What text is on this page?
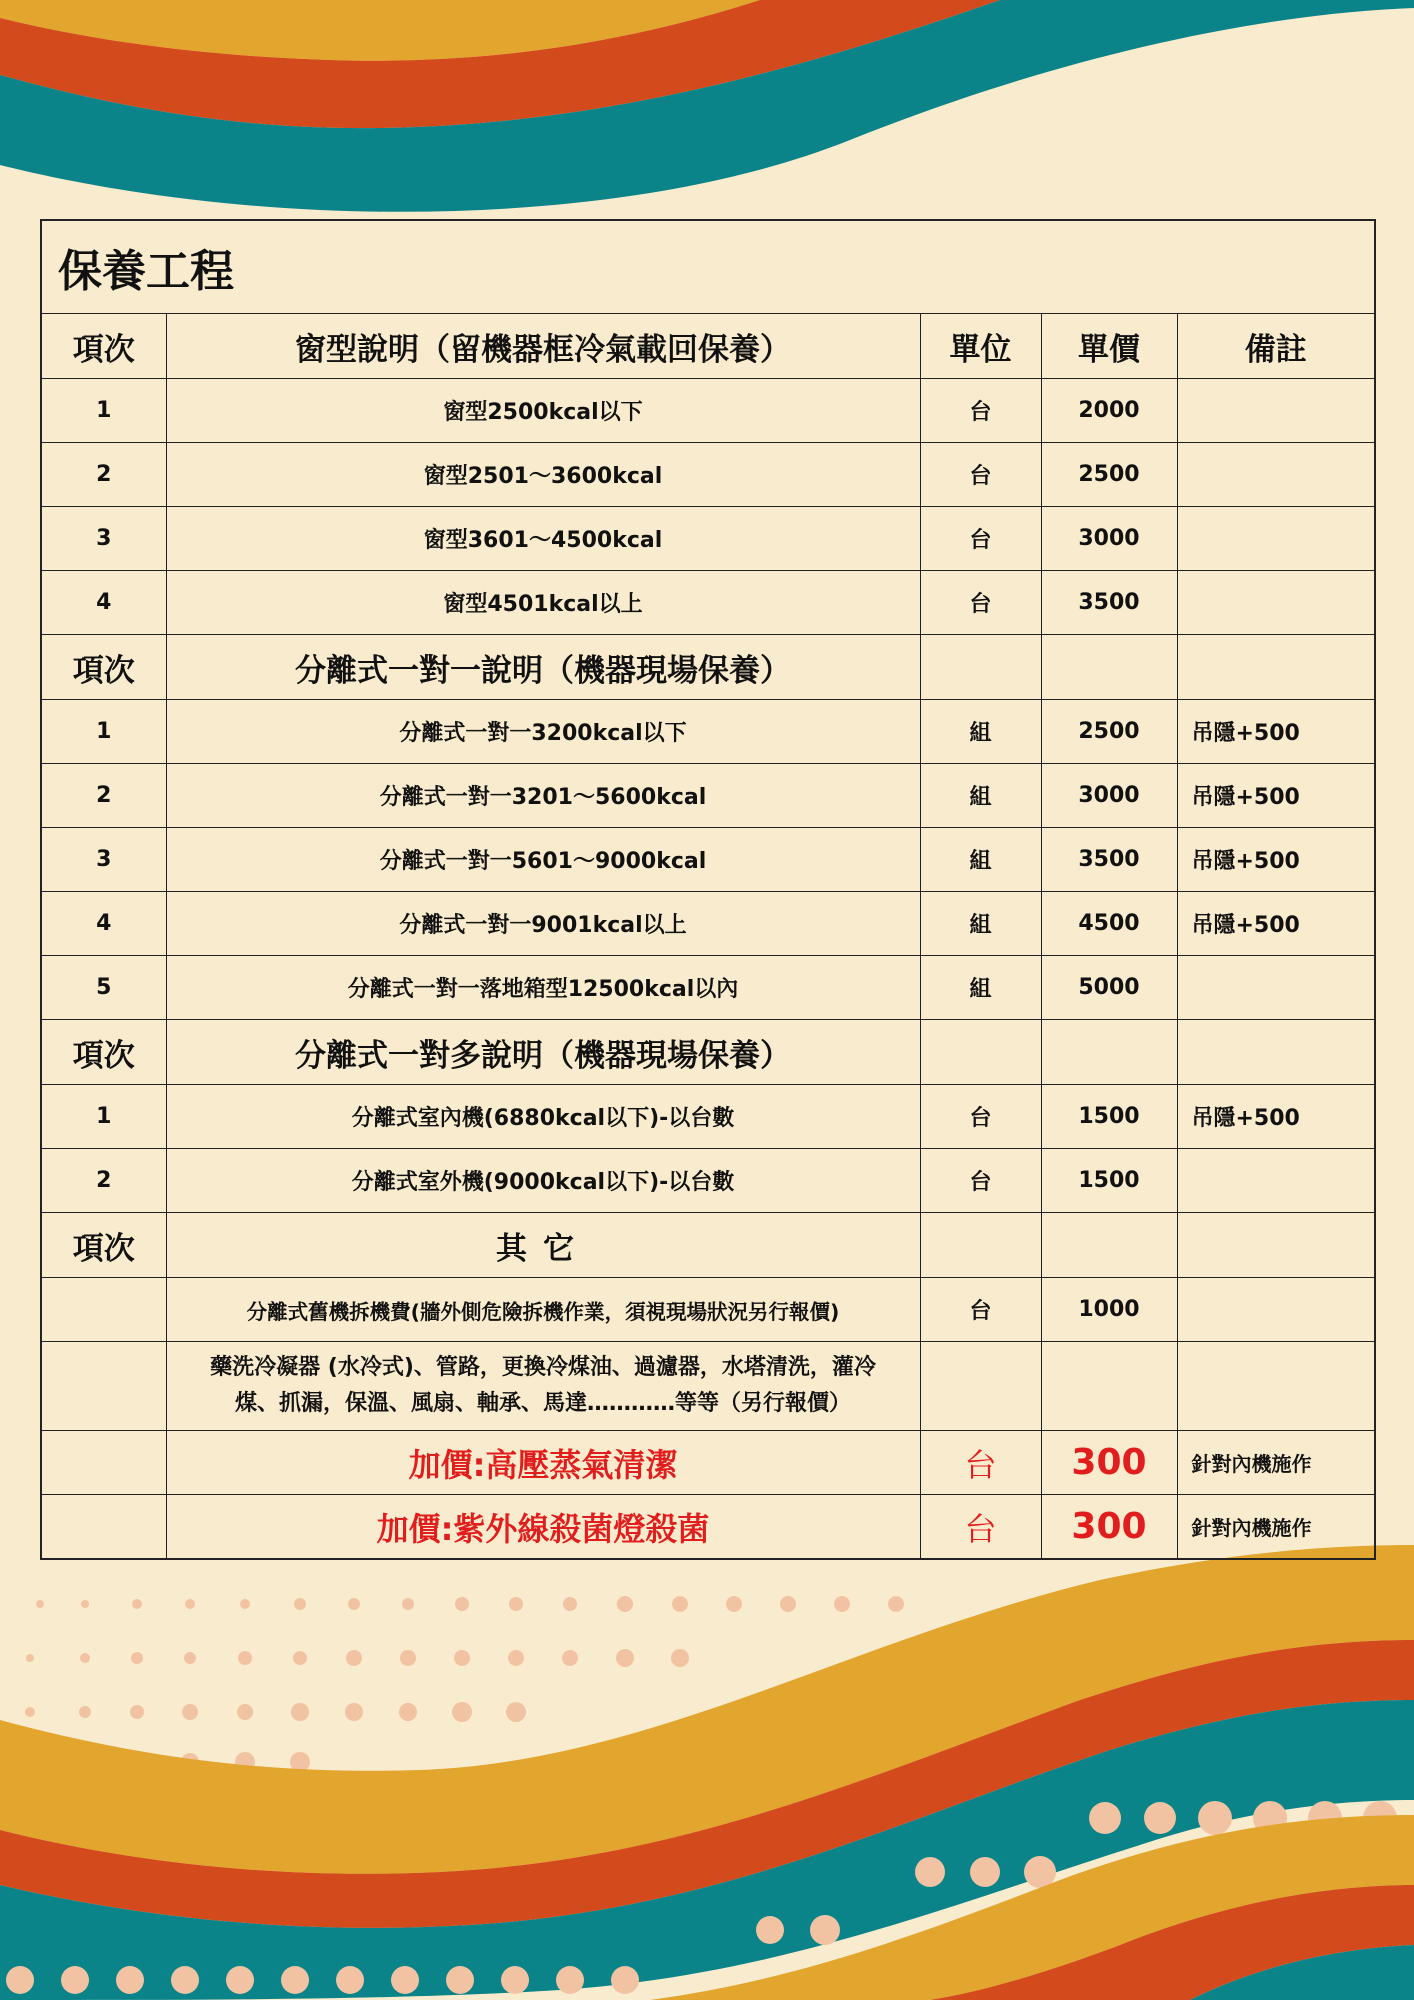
保養工程				
項次	窗型說明（留機器框冷氣載回保養）	單位	單價	備註
1	窗型2500kcal以下	台	2000	
2	窗型2501～3600kcal	台	2500	
3	窗型3601～4500kcal	台	3000	
4	窗型4501kcal以上	台	3500	
項次	分離式一對一說明（機器現場保養）			
1	分離式一對一3200kcal以下	組	2500	吊隱+500
2	分離式一對一3201～5600kcal	組	3000	吊隱+500
3	分離式一對一5601～9000kcal	組	3500	吊隱+500
4	分離式一對一9001kcal以上	組	4500	吊隱+500
5	分離式一對一落地箱型12500kcal以內	組	5000	
項次	分離式一對多說明（機器現場保養）			
1	分離式室內機(6880kcal以下)-以台數	台	1500	吊隱+500
2	分離式室外機(9000kcal以下)-以台數	台	1500	
項次	其它			
	分離式舊機拆機費(牆外側危險拆機作業，須視現場狀況另行報價)	台	1000	

	藥洗冷凝器 (水冷式)、管路，更換冷煤油、過濾器，水塔清洗，灌冷
煤、抓漏，保溫、風扇、軸承、馬達…………等等（另行報價）			

	加價:高壓蒸氣清潔	台	300	針對內機施作
	加價:紫外線殺菌燈殺菌	台	300	針對內機施作
